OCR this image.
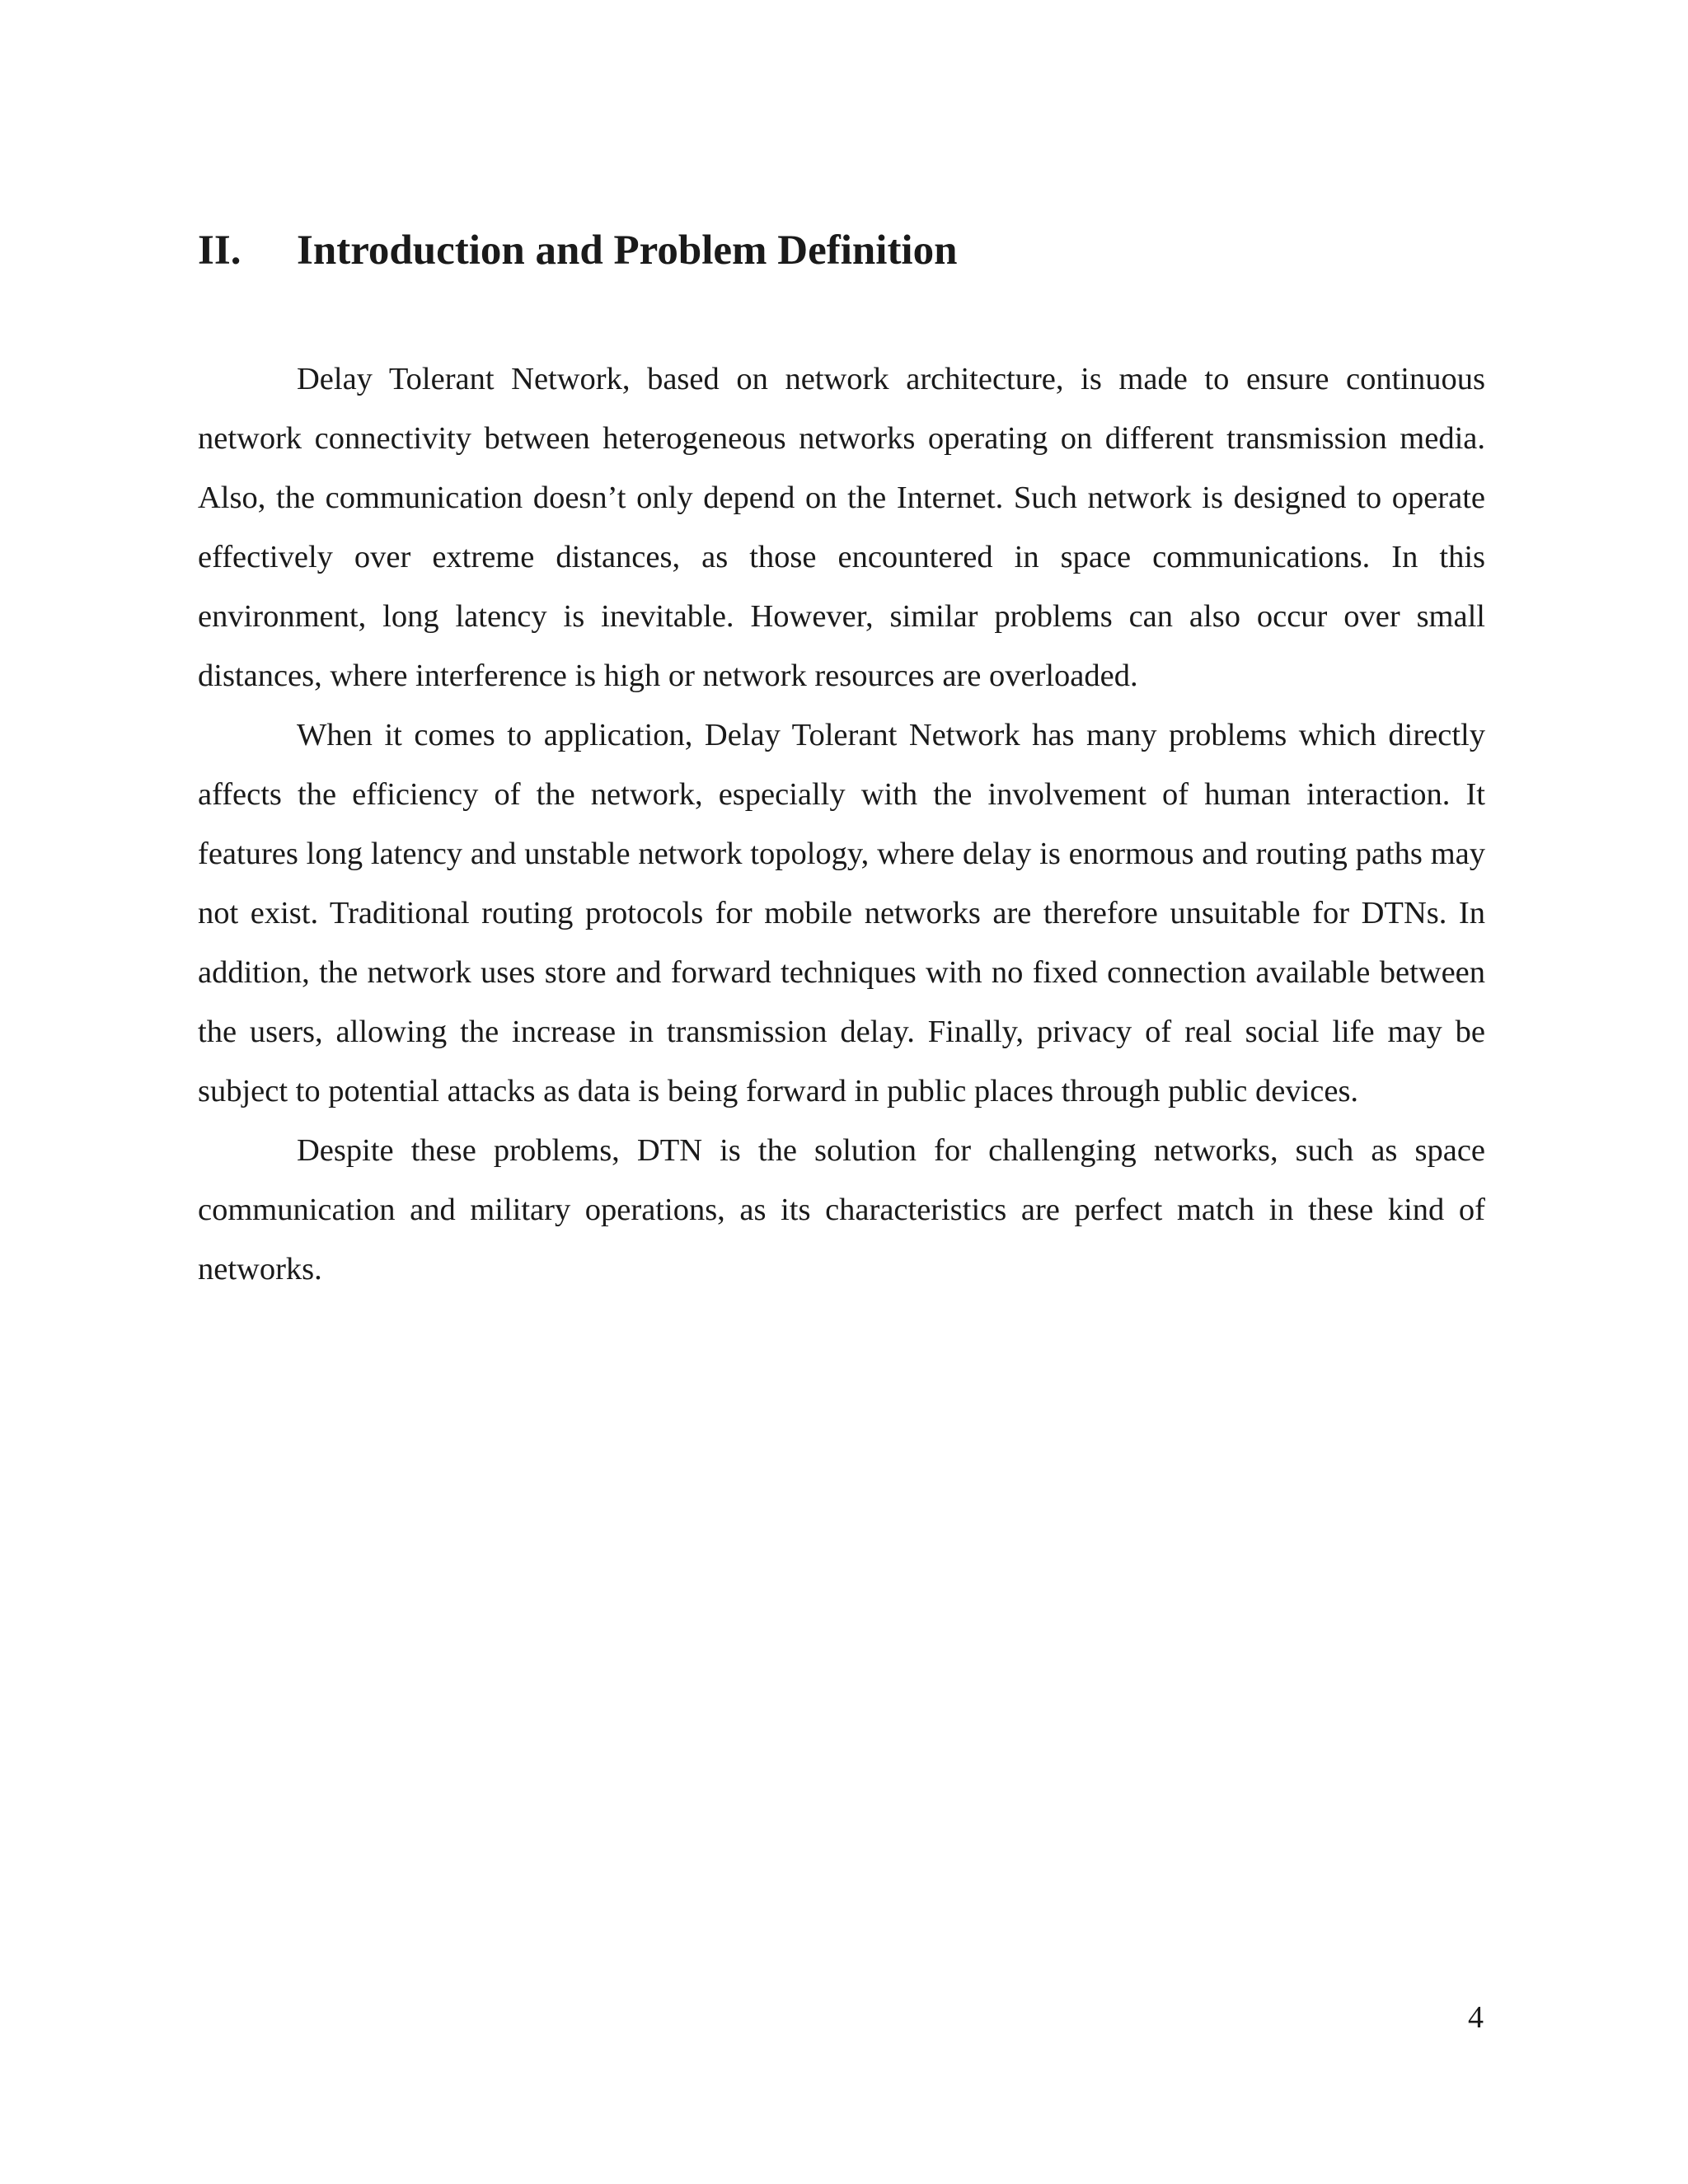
II. Introduction and Problem Definition

Delay Tolerant Network, based on network architecture, is made to ensure continuous network connectivity between heterogeneous networks operating on different transmission media. Also, the communication doesn’t only depend on the Internet. Such network is designed to operate effectively over extreme distances, as those encountered in space communications. In this environment, long latency is inevitable. However, similar problems can also occur over small distances, where interference is high or network resources are overloaded.

When it comes to application, Delay Tolerant Network has many problems which directly affects the efficiency of the network, especially with the involvement of human interaction. It features long latency and unstable network topology, where delay is enormous and routing paths may not exist. Traditional routing protocols for mobile networks are therefore unsuitable for DTNs. In addition, the network uses store and forward techniques with no fixed connection available between the users, allowing the increase in transmission delay. Finally, privacy of real social life may be subject to potential attacks as data is being forward in public places through public devices.

Despite these problems, DTN is the solution for challenging networks, such as space communication and military operations, as its characteristics are perfect match in these kind of networks.

4
